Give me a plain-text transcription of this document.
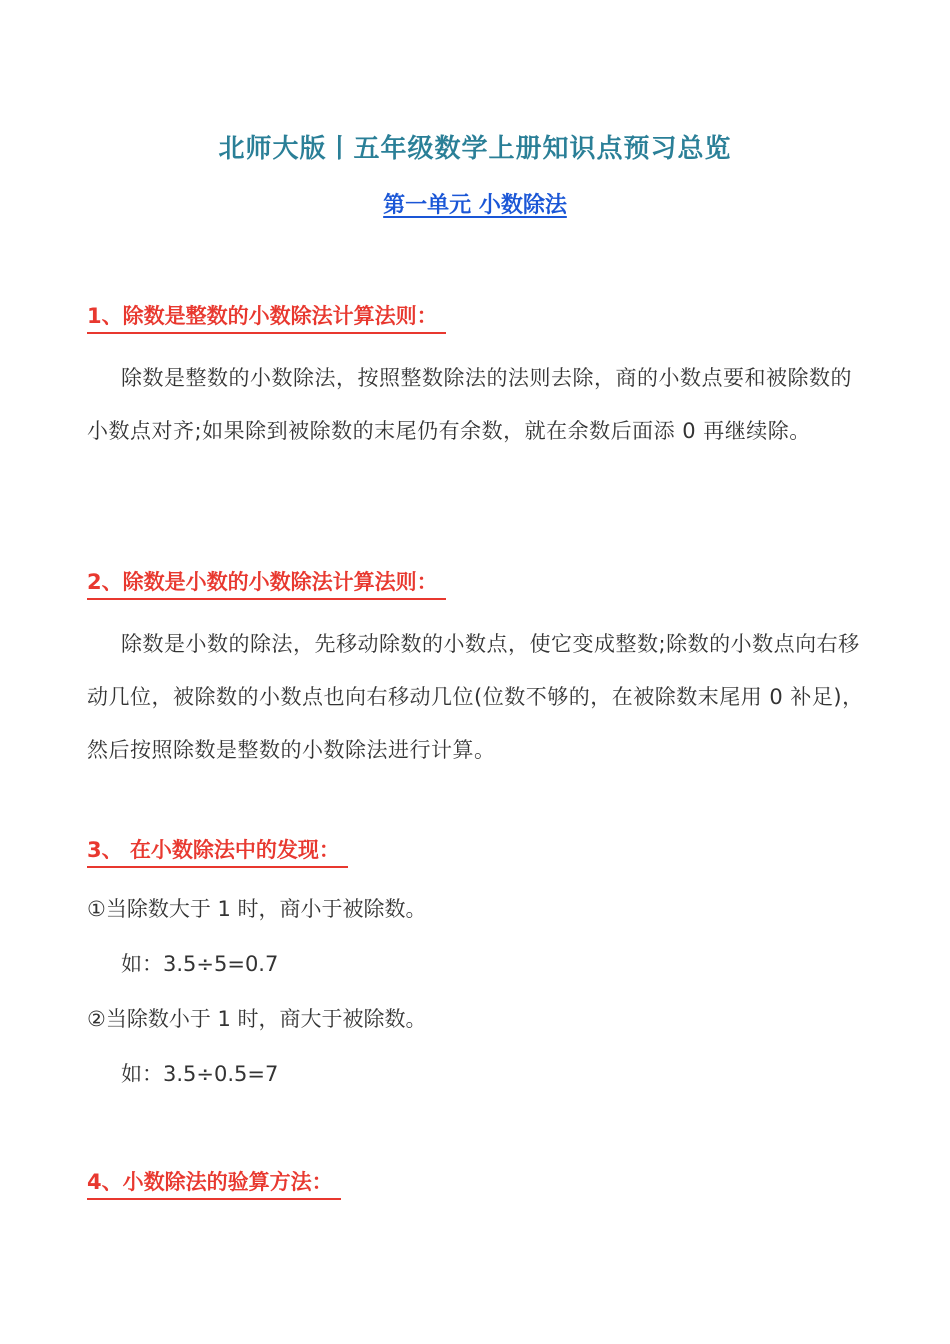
北师大版丨五年级数学上册知识点预习总览
第一单元 小数除法
1、除数是整数的小数除法计算法则：

除数是整数的小数除法，按照整数除法的法则去除，商的小数点要和被除数的小数点对齐;如果除到被除数的末尾仍有余数，就在余数后面添 0 再继续除。

2、除数是小数的小数除法计算法则：

除数是小数的除法，先移动除数的小数点，使它变成整数;除数的小数点向右移动几位，被除数的小数点也向右移动几位(位数不够的，在被除数末尾用 0 补足)，然后按照除数是整数的小数除法进行计算。

3、 在小数除法中的发现：

①当除数大于 1 时，商小于被除数。

如：3.5÷5=0.7

②当除数小于 1 时，商大于被除数。

如：3.5÷0.5=7

4、小数除法的验算方法：
